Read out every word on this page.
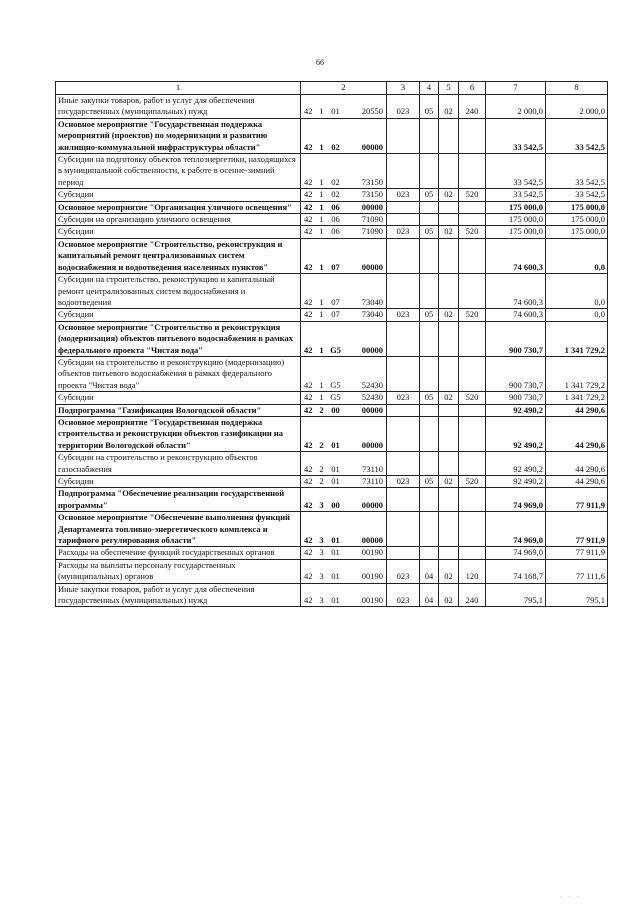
66
1	2				3	4	5	6	7	8
Иные закупки товаров, работ и услуг для обеспечения государственных (муниципальных) нужд	42	1	01	20550	023	05	02	240	2 000,0	2 000,0
Основное мероприятие "Государственная поддержка мероприятий (проектов) по модернизации и развитию жилищно-коммунальной инфраструктуры области"	42	1	02	00000					33 542,5	33 542,5
Субсидии на подготовку объектов теплоэнергетики, находящихся в муниципальной собственности, к работе в осенне-зимний период	42	1	02	73150					33 542,5	33 542,5
Субсидии	42	1	02	73150	023	05	02	520	33 542,5	33 542,5
Основное мероприятие "Организация уличного освещения"	42	1	06	00000					175 000,0	175 000,0
Субсидии на организацию уличного освещения	42	1	06	71090					175 000,0	175 000,0
Субсидии	42	1	06	71090	023	05	02	520	175 000,0	175 000,0
Основное мероприятие "Строительство, реконструкция и капитальный ремонт централизованных систем водоснабжения и водоотведения населенных пунктов"	42	1	07	00000					74 600,3	0,0
Субсидии на строительство, реконструкцию и капитальный ремонт централизованных систем водоснабжения и водоотведения	42	1	07	73040					74 600,3	0,0
Субсидии	42	1	07	73040	023	05	02	520	74 600,3	0,0
Основное мероприятие "Строительство и реконструкция (модернизация) объектов питьевого водоснабжения в рамках федерального проекта "Чистая вода"	42	1	G5	00000					900 730,7	1 341 729,2
Субсидии на строительство и реконструкцию (модернизацию) объектов питьевого водоснабжения в рамках федерального проекта "Чистая вода"	42	1	G5	52430					900 730,7	1 341 729,2
Субсидии	42	1	G5	52430	023	05	02	520	900 730,7	1 341 729,2
Подпрограмма "Газификация Вологодской области"	42	2	00	00000					92 490,2	44 290,6
Основное мероприятие "Государственная поддержка строительства и реконструкции объектов газификации на территории Вологодской области"	42	2	01	00000					92 490,2	44 290,6
Субсидии на строительство и реконструкцию объектов газоснабжения	42	2	01	73110					92 490,2	44 290,6
Субсидии	42	2	01	73110	023	05	02	520	92 490,2	44 290,6
Подпрограмма "Обеспечение реализации государственной программы"	42	3	00	00000					74 969,0	77 911,9
Основное мероприятие "Обеспечение выполнения функций Департамента топливно-энергетического комплекса и тарифного регулирования области"	42	3	01	00000					74 969,0	77 911,9
Расходы на обеспечение функций государственных органов	42	3	01	00190					74 969,0	77 911,9
Расходы на выплаты персоналу государственных (муниципальных) органов	42	3	01	00190	023	04	02	120	74 168,7	77 111,6
Иные закупки товаров, работ и услуг для обеспечения государственных (муниципальных) нужд	42	3	01	00190	023	04	02	240	795,1	795,1
. . .
